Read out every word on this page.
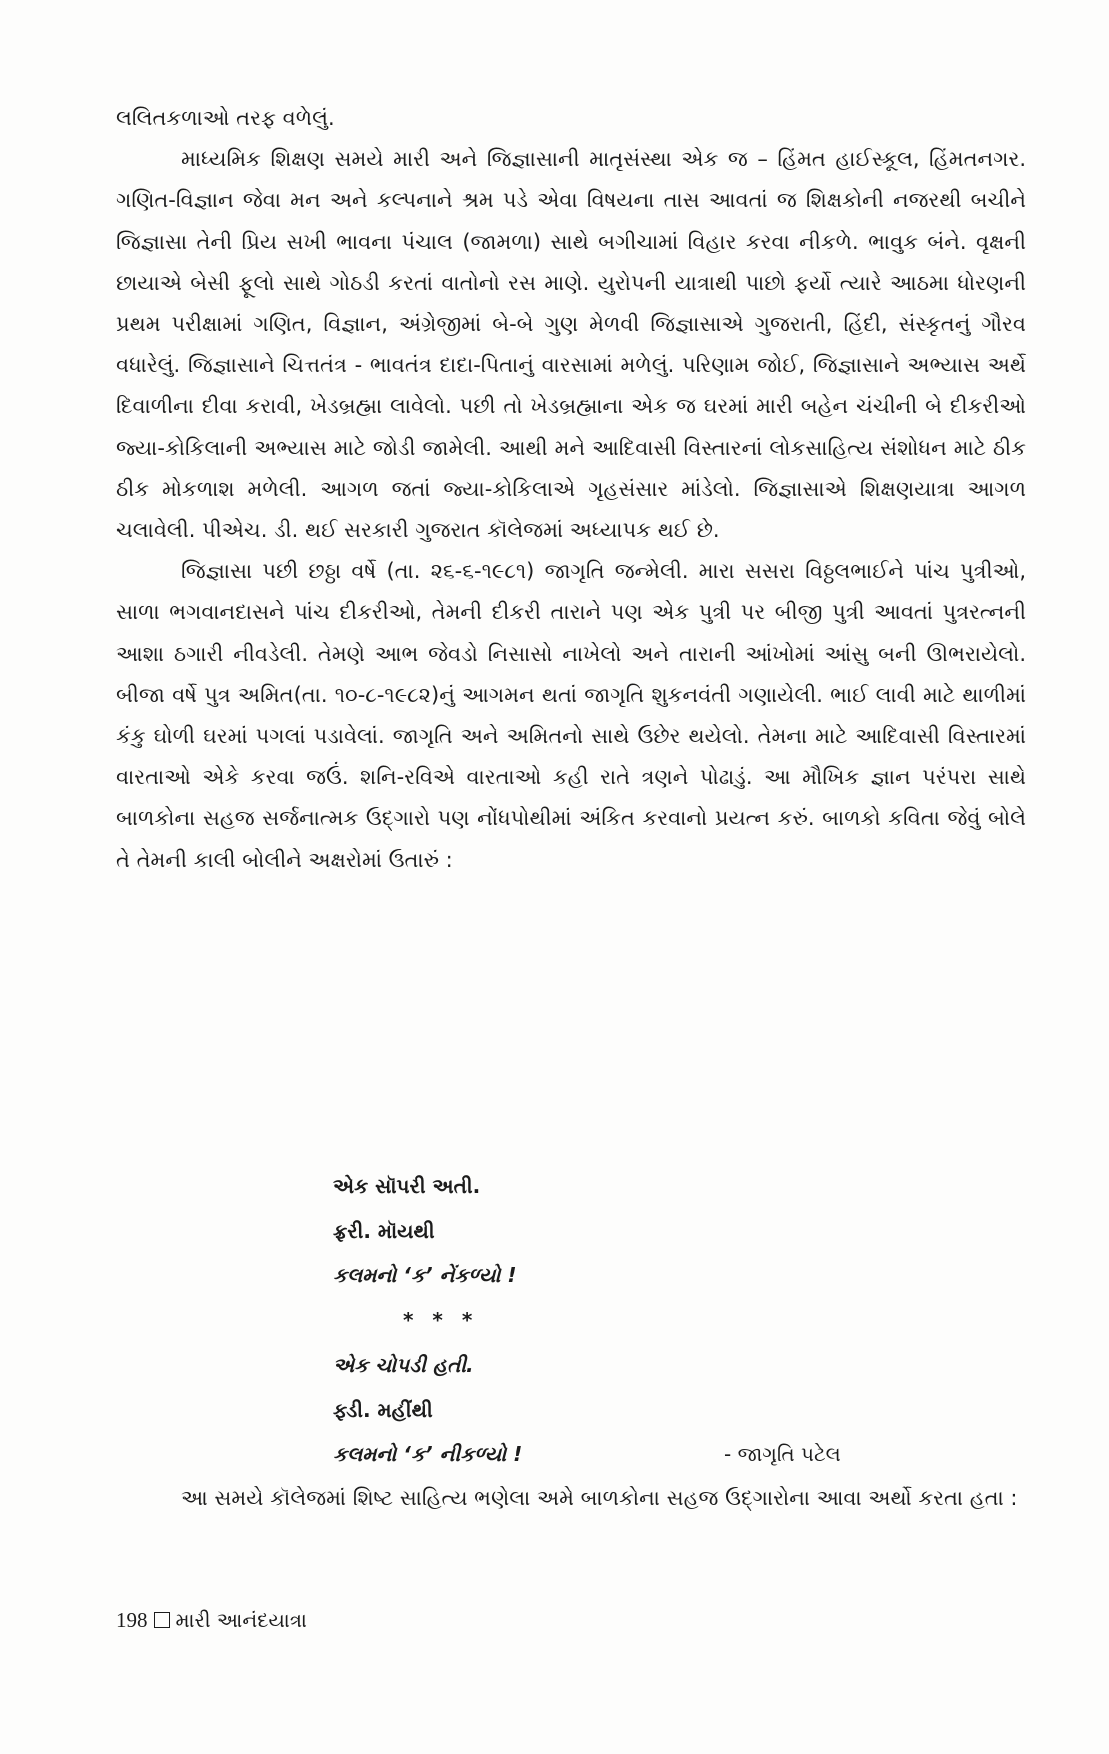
લલિતકળાઓ તરફ વળેલું.

માધ્યમિક શિક્ષણ સમયે મારી અને જિજ્ઞાસાની માતૃસંસ્થા એક જ – હિંમત હાઈસ્કૂલ, હિંમતનગર. ગણિત-વિજ્ઞાન જેવા મન અને કલ્પનાને શ્રમ પડે એવા વિષયના તાસ આવતાં જ શિક્ષકોની નજરથી બચીને જિજ્ઞાસા તેની પ્રિય સખી ભાવના પંચાલ (જામળા) સાથે બગીચામાં વિહાર કરવા નીકળે. ભાવુક બંને. વૃક્ષની છાયાએ બેસી ફૂલો સાથે ગોઠડી કરતાં વાતોનો રસ માણે. યુરોપની યાત્રાથી પાછો ફર્યો ત્યારે આઠમા ધોરણની પ્રથમ પરીક્ષામાં ગણિત, વિજ્ઞાન, અંગ્રેજીમાં બે-બે ગુણ મેળવી જિજ્ઞાસાએ ગુજરાતી, હિંદી, સંસ્કૃતનું ગૌરવ વધારેલું. જિજ્ઞાસાને ચિત્તતંત્ર - ભાવતંત્ર દાદા-પિતાનું વારસામાં મળેલું. પરિણામ જોઈ, જિજ્ઞાસાને અભ્યાસ અર્થે દિવાળીના દીવા કરાવી, ખેડબ્રહ્મા લાવેલો. પછી તો ખેડબ્રહ્માના એક જ ઘરમાં મારી બહેન ચંચીની બે દીકરીઓ જ્યા-કોકિલાની અભ્યાસ માટે જોડી જામેલી. આથી મને આદિવાસી વિસ્તારનાં લોકસાહિત્ય સંશોધન માટે ઠીક ઠીક મોકળાશ મળેલી. આગળ જતાં જ્યા-કોકિલાએ ગૃહસંસાર માંડેલો. જિજ્ઞાસાએ શિક્ષણયાત્રા આગળ ચલાવેલી. પીએચ. ડી. થઈ સરકારી ગુજરાત કૉલેજમાં અધ્યાપક થઈ છે.

જિજ્ઞાસા પછી છઠ્ઠા વર્ષે (તા. ૨૬-૬-૧૯૮૧) જાગૃતિ જન્મેલી. મારા સસરા વિઠ્ઠલભાઈને પાંચ પુત્રીઓ, સાળા ભગવાનદાસને પાંચ દીકરીઓ, તેમની દીકરી તારાને પણ એક પુત્રી પર બીજી પુત્રી આવતાં પુત્રરત્નની આશા ઠગારી નીવડેલી. તેમણે આભ જેવડો નિસાસો નાખેલો અને તારાની આંખોમાં આંસુ બની ઊભરાયેલો. બીજા વર્ષે પુત્ર અમિત(તા. ૧૦-૮-૧૯૮૨)નું આગમન થતાં જાગૃતિ શુકનવંતી ગણાયેલી. ભાઈ લાવી માટે થાળીમાં કંકુ ઘોળી ઘરમાં પગલાં પડાવેલાં. જાગૃતિ અને અમિતનો સાથે ઉછેર થયેલો. તેમના માટે આદિવાસી વિસ્તારમાં વારતાઓ એકે કરવા જઉં. શનિ-રવિએ વારતાઓ કહી રાતે ત્રણને પોઢાડું. આ મૌખિક જ્ઞાન પરંપરા સાથે બાળકોના સહજ સર્જનાત્મક ઉદ્‌ગારો પણ નોંધપોથીમાં અંકિત કરવાનો પ્રયત્ન કરું. બાળકો કવિતા જેવું બોલે તે તેમની કાલી બોલીને અક્ષરોમાં ઉતારું :

એક સૉપરી અતી.
ફ્રરી. મૉયથી
કલમનો ‘ક’ નેંકળ્યો !
* * *
એક ચોપડી હતી.
ફ્ડી. મહીંથી
કલમનો ‘ક’ નીકળ્યો !	- જાગૃતિ પટેલ

આ સમયે કૉલેજમાં શિષ્ટ સાહિત્ય ભણેલા અમે બાળકોના સહજ ઉદ્‌ગારોના આવા અર્થો કરતા હતા :

198 મારી આનંદયાત્રા
